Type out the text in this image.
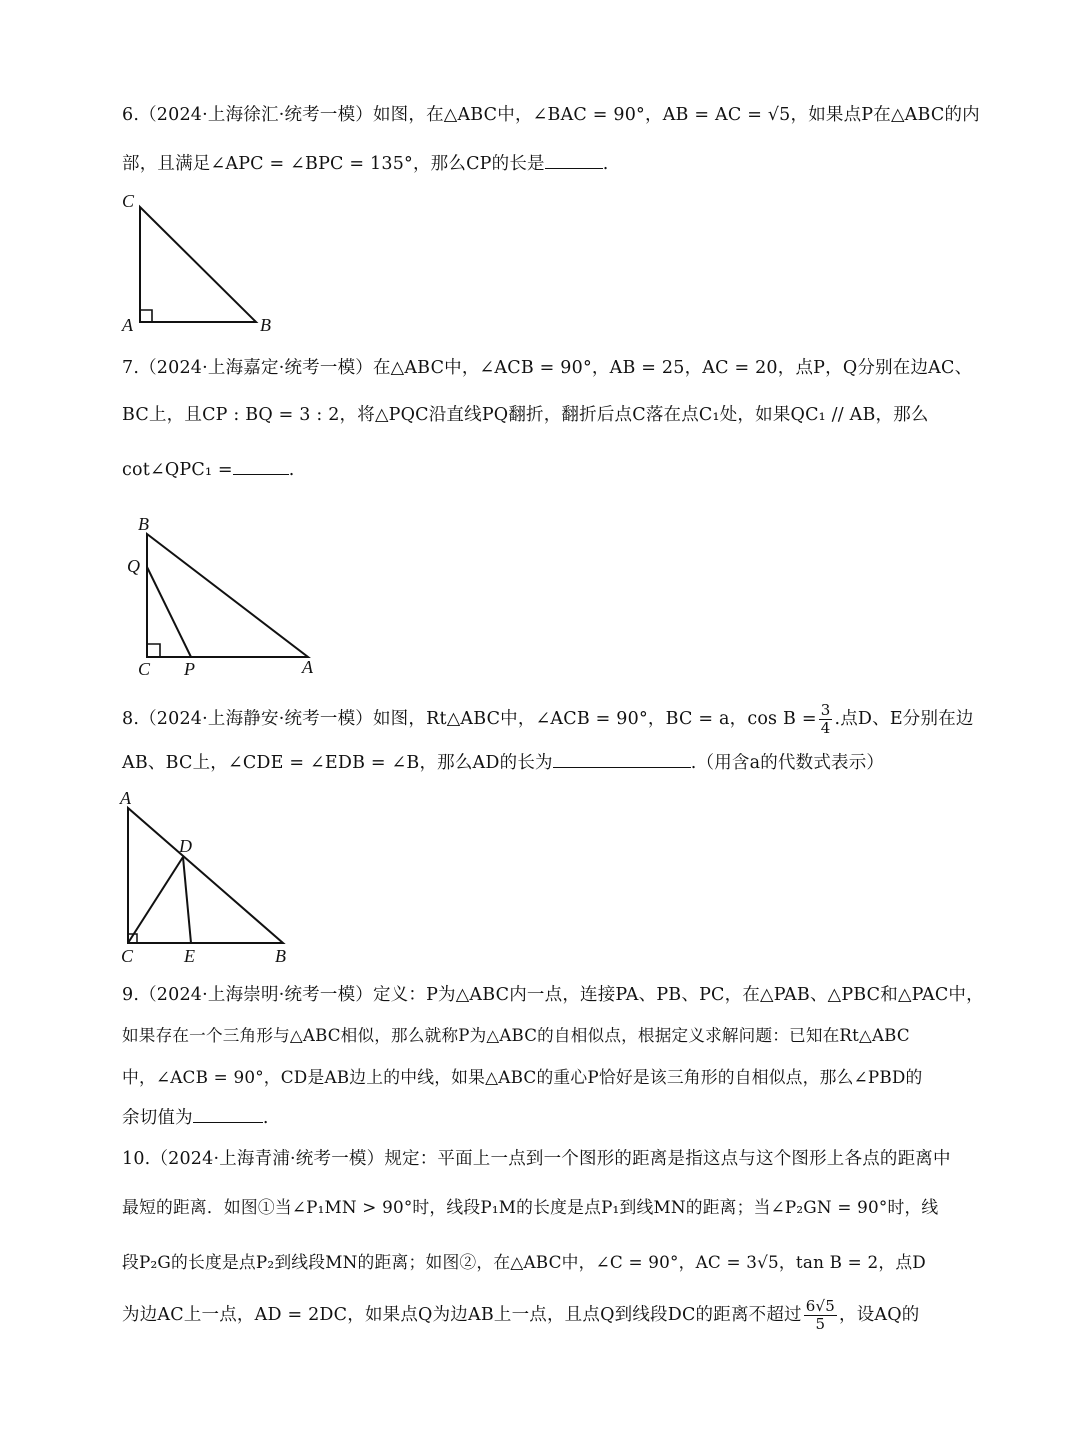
6.（2024·上海徐汇·统考一模）如图，在△ABC中，∠BAC = 90°，AB = AC = √5，如果点P在△ABC的内
部，且满足∠APC = ∠BPC = 135°，那么CP的长是	.
C
A	B
7.（2024·上海嘉定·统考一模）在△ABC中，∠ACB = 90°，AB = 25，AC = 20，点P，Q分别在边AC、
BC上，且CP : BQ = 3 : 2，将△PQC沿直线PQ翻折，翻折后点C落在点C₁处，如果QC₁ // AB，那么
cot∠QPC₁ =	.
B
Q
C P	A
8.（2024·上海静安·统考一模）如图，Rt△ABC中，∠ACB = 90°，BC = a，$\cos B = \frac{3}{4}$ .点D、E分别在边
AB、BC上，∠CDE = ∠EDB = ∠B，那么AD的长为	.（用含a的代数式表示）
A
D
C	E	B
9.（2024·上海崇明·统考一模）定义：P为△ABC内一点，连接PA、PB、PC，在△PAB、△PBC和△PAC中，
如果存在一个三角形与△ABC相似，那么就称P为△ABC的自相似点，根据定义求解问题：已知在Rt△ABC
中，∠ACB = 90°，CD是AB边上的中线，如果△ABC的重心P恰好是该三角形的自相似点，那么∠PBD的
余切值为	.
10.（2024·上海青浦·统考一模）规定：平面上一点到一个图形的距离是指这点与这个图形上各点的距离中
最短的距离．如图①当∠P₁MN > 90°时，线段P₁M的长度是点P₁到线MN的距离；当∠P₂GN = 90°时，线
段P₂G的长度是点P₂到线段MN的距离；如图②，在△ABC中，∠C = 90°，AC = 3√5，tan B = 2，点D
为边AC上一点，AD = 2DC，如果点Q为边AB上一点，且点Q到线段DC的距离不超过 $\frac{6√5}{5}$ ，设AQ的
